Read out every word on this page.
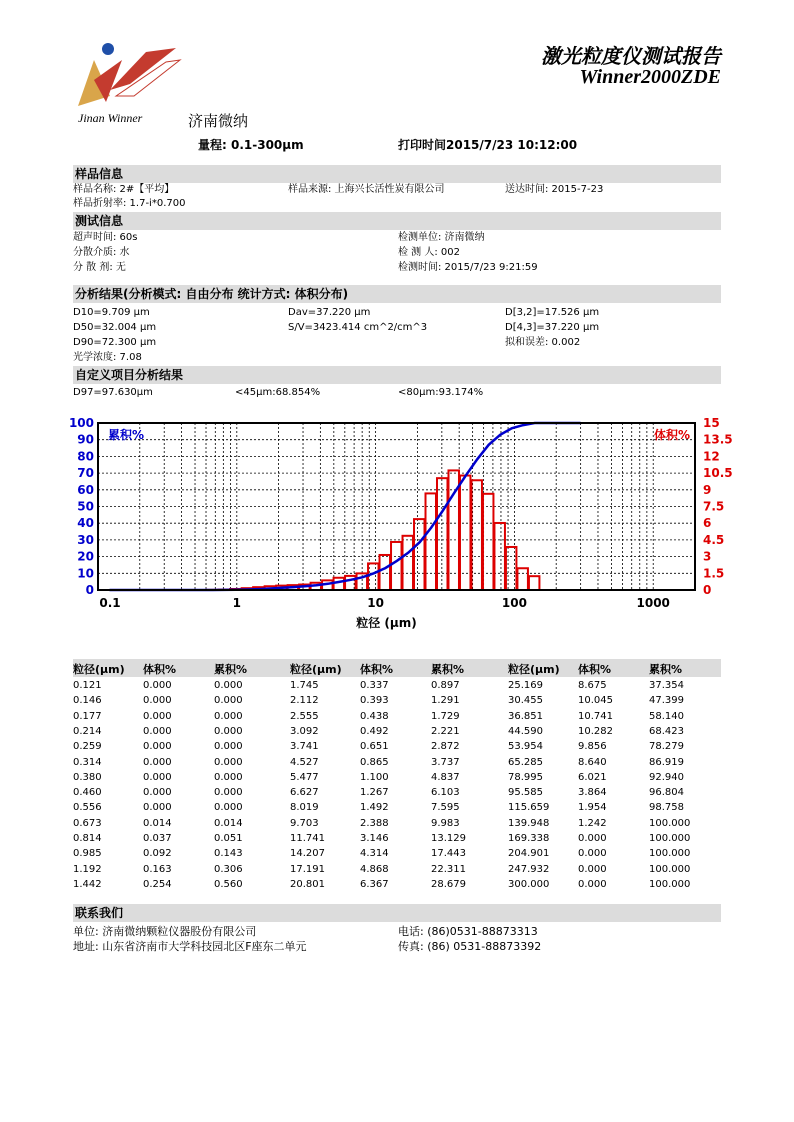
Jinan Winner	济南微纳
激光粒度仪测试报告
Winner2000ZDE
量程: 0.1-300μm	打印时间2015/7/23 10:12:00
样品信息
样品名称: 2#【平均】	样品来源: 上海兴长活性炭有限公司	送达时间: 2015-7-23
样品折射率: 1.7-i*0.700
测试信息
超声时间: 60s	检测单位: 济南微纳
分散介质: 水	检 测 人: 002
分 散 剂: 无	检测时间: 2015/7/23 9:21:59
分析结果(分析模式: 自由分布 统计方式: 体积分布)
D10=9.709 μm	Dav=37.220 μm	D[3,2]=17.526 μm
D50=32.004 μm	S/V=3423.414 cm^2/cm^3	D[4,3]=37.220 μm
D90=72.300 μm	拟和误差: 0.002
光学浓度: 7.08
自定义项目分析结果
D97=97.630μm	<45μm:68.854%	<80μm:93.174%
0
10
20
30
40
50
60
70
80
90
100
0
1.5
3
4.5
6
7.5
9
10.5
12
13.5
15
0.1	1	10	100	1000
累积%	体积%
粒径 (μm)
粒径(μm) 体积%	累积%
0.121	0.000	0.000
0.146	0.000	0.000
0.177	0.000	0.000
0.214	0.000	0.000
0.259	0.000	0.000
0.314	0.000	0.000
0.380	0.000	0.000
0.460	0.000	0.000
0.556	0.000	0.000
0.673	0.014	0.014
0.814	0.037	0.051
0.985	0.092	0.143
1.192	0.163	0.306
1.442	0.254	0.560
粒径(μm) 体积%	累积%
1.745	0.337	0.897
2.112	0.393	1.291
2.555	0.438	1.729
3.092	0.492	2.221
3.741	0.651	2.872
4.527	0.865	3.737
5.477	1.100	4.837
6.627	1.267	6.103
8.019	1.492	7.595
9.703	2.388	9.983
11.741	3.146	13.129
14.207	4.314	17.443
17.191	4.868	22.311
20.801	6.367	28.679
粒径(μm) 体积%	累积%
25.169	8.675	37.354
30.455	10.045	47.399
36.851	10.741	58.140
44.590	10.282	68.423
53.954	9.856	78.279
65.285	8.640	86.919
78.995	6.021	92.940
95.585	3.864	96.804
115.659	1.954	98.758
139.948	1.242	100.000
169.338	0.000	100.000
204.901	0.000	100.000
247.932	0.000	100.000
300.000	0.000	100.000
联系我们
单位: 济南微纳颗粒仪器股份有限公司	电话: (86)0531-88873313
地址: 山东省济南市大学科技园北区F座东二单元	传真: (86) 0531-88873392
